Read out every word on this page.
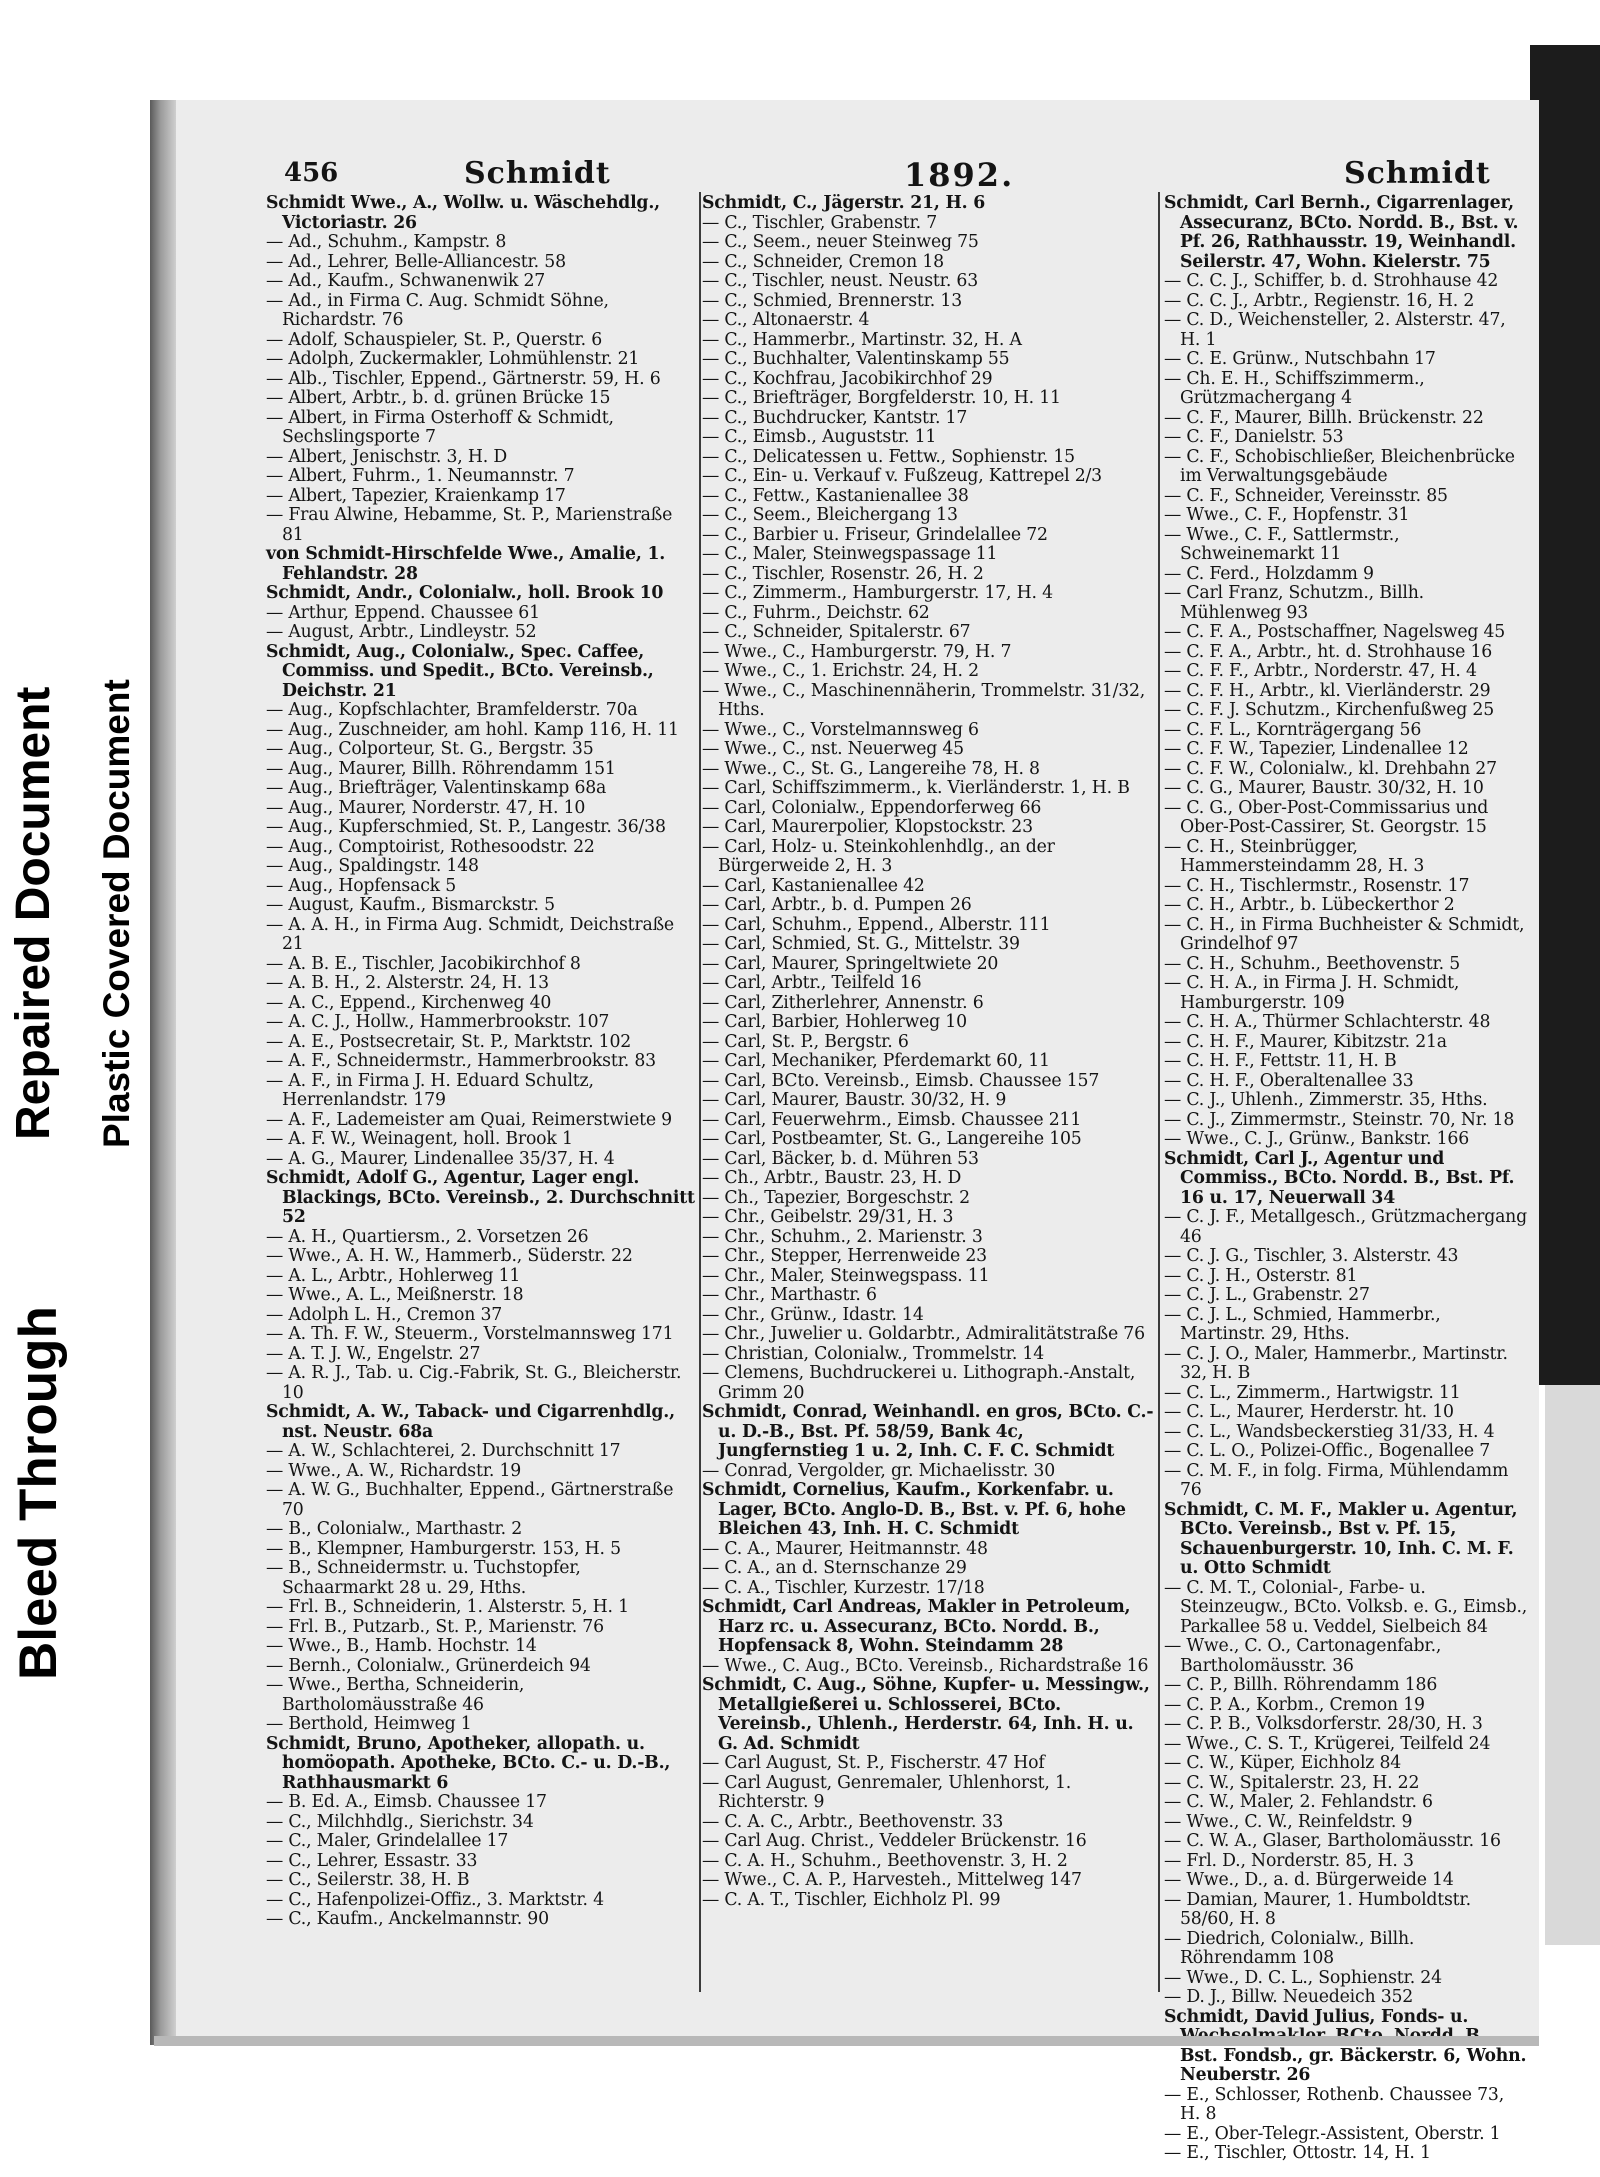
Bleed Through
Repaired Document Plastic Covered Document
456	Schmidt	1892.	Schmidt

Schmidt Wwe., A., Wollw. u. Wäschehdlg., Victoriastr. 26

— Ad., Schuhm., Kampstr. 8

— Ad., Lehrer, Belle-Alliancestr. 58

— Ad., Kaufm., Schwanenwik 27

— Ad., in Firma C. Aug. Schmidt Söhne, Richardstr. 76

— Adolf, Schauspieler, St. P., Querstr. 6

— Adolph, Zuckermakler, Lohmühlenstr. 21

— Alb., Tischler, Eppend., Gärtnerstr. 59, H. 6

— Albert, Arbtr., b. d. grünen Brücke 15

— Albert, in Firma Osterhoff & Schmidt, Sechslingsporte 7

— Albert, Jenischstr. 3, H. D

— Albert, Fuhrm., 1. Neumannstr. 7

— Albert, Tapezier, Kraienkamp 17

— Frau Alwine, Hebamme, St. P., Marienstraße 81

von Schmidt-Hirschfelde Wwe., Amalie, 1. Fehlandstr. 28

Schmidt, Andr., Colonialw., holl. Brook 10

— Arthur, Eppend. Chaussee 61

— August, Arbtr., Lindleystr. 52

Schmidt, Aug., Colonialw., Spec. Caffee, Commiss. und Spedit., BCto. Vereinsb., Deichstr. 21

— Aug., Kopfschlachter, Bramfelderstr. 70a

— Aug., Zuschneider, am hohl. Kamp 116, H. 11

— Aug., Colporteur, St. G., Bergstr. 35

— Aug., Maurer, Billh. Röhrendamm 151

— Aug., Briefträger, Valentinskamp 68a

— Aug., Maurer, Norderstr. 47, H. 10

— Aug., Kupferschmied, St. P., Langestr. 36/38

— Aug., Comptoirist, Rothesoodstr. 22

— Aug., Spaldingstr. 148

— Aug., Hopfensack 5

— August, Kaufm., Bismarckstr. 5

— A. A. H., in Firma Aug. Schmidt, Deichstraße 21

— A. B. E., Tischler, Jacobikirchhof 8

— A. B. H., 2. Alsterstr. 24, H. 13

— A. C., Eppend., Kirchenweg 40

— A. C. J., Hollw., Hammerbrookstr. 107

— A. E., Postsecretair, St. P., Marktstr. 102

— A. F., Schneidermstr., Hammerbrookstr. 83

— A. F., in Firma J. H. Eduard Schultz, Herrenlandstr. 179

— A. F., Lademeister am Quai, Reimerstwiete 9

— A. F. W., Weinagent, holl. Brook 1

— A. G., Maurer, Lindenallee 35/37, H. 4

Schmidt, Adolf G., Agentur, Lager engl. Blackings, BCto. Vereinsb., 2. Durchschnitt 52

— A. H., Quartiersm., 2. Vorsetzen 26

— Wwe., A. H. W., Hammerb., Süderstr. 22

— A. L., Arbtr., Hohlerweg 11

— Wwe., A. L., Meißnerstr. 18

— Adolph L. H., Cremon 37

— A. Th. F. W., Steuerm., Vorstelmannsweg 171

— A. T. J. W., Engelstr. 27

— A. R. J., Tab. u. Cig.-Fabrik, St. G., Bleicherstr. 10

Schmidt, A. W., Taback- und Cigarrenhdlg., nst. Neustr. 68a

— A. W., Schlachterei, 2. Durchschnitt 17

— Wwe., A. W., Richardstr. 19

— A. W. G., Buchhalter, Eppend., Gärtnerstraße 70

— B., Colonialw., Marthastr. 2

— B., Klempner, Hamburgerstr. 153, H. 5

— B., Schneidermstr. u. Tuchstopfer, Schaarmarkt 28 u. 29, Hths.

— Frl. B., Schneiderin, 1. Alsterstr. 5, H. 1

— Frl. B., Putzarb., St. P., Marienstr. 76

— Wwe., B., Hamb. Hochstr. 14

— Bernh., Colonialw., Grünerdeich 94

— Wwe., Bertha, Schneiderin, Bartholomäusstraße 46

— Berthold, Heimweg 1

Schmidt, Bruno, Apotheker, allopath. u. homöopath. Apotheke, BCto. C.- u. D.-B., Rathhausmarkt 6

— B. Ed. A., Eimsb. Chaussee 17

— C., Milchhdlg., Sierichstr. 34

— C., Maler, Grindelallee 17

— C., Lehrer, Essastr. 33

— C., Seilerstr. 38, H. B

— C., Hafenpolizei-Offiz., 3. Marktstr. 4

— C., Kaufm., Anckelmannstr. 90

Schmidt, C., Jägerstr. 21, H. 6

— C., Tischler, Grabenstr. 7

— C., Seem., neuer Steinweg 75

— C., Schneider, Cremon 18

— C., Tischler, neust. Neustr. 63

— C., Schmied, Brennerstr. 13

— C., Altonaerstr. 4

— C., Hammerbr., Martinstr. 32, H. A

— C., Buchhalter, Valentinskamp 55

— C., Kochfrau, Jacobikirchhof 29

— C., Briefträger, Borgfelderstr. 10, H. 11

— C., Buchdrucker, Kantstr. 17

— C., Eimsb., Auguststr. 11

— C., Delicatessen u. Fettw., Sophienstr. 15

— C., Ein- u. Verkauf v. Fußzeug, Kattrepel 2/3

— C., Fettw., Kastanienallee 38

— C., Seem., Bleichergang 13

— C., Barbier u. Friseur, Grindelallee 72

— C., Maler, Steinwegspassage 11

— C., Tischler, Rosenstr. 26, H. 2

— C., Zimmerm., Hamburgerstr. 17, H. 4

— C., Fuhrm., Deichstr. 62

— C., Schneider, Spitalerstr. 67

— Wwe., C., Hamburgerstr. 79, H. 7

— Wwe., C., 1. Erichstr. 24, H. 2

— Wwe., C., Maschinennäherin, Trommelstr. 31/32, Hths.

— Wwe., C., Vorstelmannsweg 6

— Wwe., C., nst. Neuerweg 45

— Wwe., C., St. G., Langereihe 78, H. 8

— Carl, Schiffszimmerm., k. Vierländerstr. 1, H. B

— Carl, Colonialw., Eppendorferweg 66

— Carl, Maurerpolier, Klopstockstr. 23

— Carl, Holz- u. Steinkohlenhdlg., an der Bürgerweide 2, H. 3

— Carl, Kastanienallee 42

— Carl, Arbtr., b. d. Pumpen 26

— Carl, Schuhm., Eppend., Alberstr. 111

— Carl, Schmied, St. G., Mittelstr. 39

— Carl, Maurer, Springeltwiete 20

— Carl, Arbtr., Teilfeld 16

— Carl, Zitherlehrer, Annenstr. 6

— Carl, Barbier, Hohlerweg 10

— Carl, St. P., Bergstr. 6

— Carl, Mechaniker, Pferdemarkt 60, 11

— Carl, BCto. Vereinsb., Eimsb. Chaussee 157

— Carl, Maurer, Baustr. 30/32, H. 9

— Carl, Feuerwehrm., Eimsb. Chaussee 211

— Carl, Postbeamter, St. G., Langereihe 105

— Carl, Bäcker, b. d. Mühren 53

— Ch., Arbtr., Baustr. 23, H. D

— Ch., Tapezier, Borgeschstr. 2

— Chr., Geibelstr. 29/31, H. 3

— Chr., Schuhm., 2. Marienstr. 3

— Chr., Stepper, Herrenweide 23

— Chr., Maler, Steinwegspass. 11

— Chr., Marthastr. 6

— Chr., Grünw., Idastr. 14

— Chr., Juwelier u. Goldarbtr., Admiralitätstraße 76

— Christian, Colonialw., Trommelstr. 14

— Clemens, Buchdruckerei u. Lithograph.-Anstalt, Grimm 20

Schmidt, Conrad, Weinhandl. en gros, BCto. C.- u. D.-B., Bst. Pf. 58/59, Bank 4c, Jungfernstieg 1 u. 2, Inh. C. F. C. Schmidt

— Conrad, Vergolder, gr. Michaelisstr. 30

Schmidt, Cornelius, Kaufm., Korkenfabr. u. Lager, BCto. Anglo-D. B., Bst. v. Pf. 6, hohe Bleichen 43, Inh. H. C. Schmidt

— C. A., Maurer, Heitmannstr. 48

— C. A., an d. Sternschanze 29

— C. A., Tischler, Kurzestr. 17/18

Schmidt, Carl Andreas, Makler in Petroleum, Harz rc. u. Assecuranz, BCto. Nordd. B., Hopfensack 8, Wohn. Steindamm 28

— Wwe., C. Aug., BCto. Vereinsb., Richardstraße 16

Schmidt, C. Aug., Söhne, Kupfer- u. Messingw., Metallgießerei u. Schlosserei, BCto. Vereinsb., Uhlenh., Herderstr. 64, Inh. H. u. G. Ad. Schmidt

— Carl August, St. P., Fischerstr. 47 Hof

— Carl August, Genremaler, Uhlenhorst, 1. Richterstr. 9

— C. A. C., Arbtr., Beethovenstr. 33

— Carl Aug. Christ., Veddeler Brückenstr. 16

— C. A. H., Schuhm., Beethovenstr. 3, H. 2

— Wwe., C. A. P., Harvesteh., Mittelweg 147

— C. A. T., Tischler, Eichholz Pl. 99

Schmidt, Carl Bernh., Cigarrenlager, Assecuranz, BCto. Nordd. B., Bst. v. Pf. 26, Rathhausstr. 19, Weinhandl. Seilerstr. 47, Wohn. Kielerstr. 75

— C. C. J., Schiffer, b. d. Strohhause 42

— C. C. J., Arbtr., Regienstr. 16, H. 2

— C. D., Weichensteller, 2. Alsterstr. 47, H. 1

— C. E. Grünw., Nutschbahn 17

— Ch. E. H., Schiffszimmerm., Grützmachergang 4

— C. F., Maurer, Billh. Brückenstr. 22

— C. F., Danielstr. 53

— C. F., Schobischließer, Bleichenbrücke im Verwaltungsgebäude

— C. F., Schneider, Vereinsstr. 85

— Wwe., C. F., Hopfenstr. 31

— Wwe., C. F., Sattlermstr., Schweinemarkt 11

— C. Ferd., Holzdamm 9

— Carl Franz, Schutzm., Billh. Mühlenweg 93

— C. F. A., Postschaffner, Nagelsweg 45

— C. F. A., Arbtr., ht. d. Strohhause 16

— C. F. F., Arbtr., Norderstr. 47, H. 4

— C. F. H., Arbtr., kl. Vierländerstr. 29

— C. F. J. Schutzm., Kirchenfußweg 25

— C. F. L., Kornträgergang 56

— C. F. W., Tapezier, Lindenallee 12

— C. F. W., Colonialw., kl. Drehbahn 27

— C. G., Maurer, Baustr. 30/32, H. 10

— C. G., Ober-Post-Commissarius und Ober-Post-Cassirer, St. Georgstr. 15

— C. H., Steinbrügger, Hammersteindamm 28, H. 3

— C. H., Tischlermstr., Rosenstr. 17

— C. H., Arbtr., b. Lübeckerthor 2

— C. H., in Firma Buchheister & Schmidt, Grindelhof 97

— C. H., Schuhm., Beethovenstr. 5

— C. H. A., in Firma J. H. Schmidt, Hamburgerstr. 109

— C. H. A., Thürmer Schlachterstr. 48

— C. H. F., Maurer, Kibitzstr. 21a

— C. H. F., Fettstr. 11, H. B

— C. H. F., Oberaltenallee 33

— C. J., Uhlenh., Zimmerstr. 35, Hths.

— C. J., Zimmermstr., Steinstr. 70, Nr. 18

— Wwe., C. J., Grünw., Bankstr. 166

Schmidt, Carl J., Agentur und Commiss., BCto. Nordd. B., Bst. Pf. 16 u. 17, Neuerwall 34

— C. J. F., Metallgesch., Grützmachergang 46

— C. J. G., Tischler, 3. Alsterstr. 43

— C. J. H., Osterstr. 81

— C. J. L., Grabenstr. 27

— C. J. L., Schmied, Hammerbr., Martinstr. 29, Hths.

— C. J. O., Maler, Hammerbr., Martinstr. 32, H. B

— C. L., Zimmerm., Hartwigstr. 11

— C. L., Maurer, Herderstr. ht. 10

— C. L., Wandsbeckerstieg 31/33, H. 4

— C. L. O., Polizei-Offic., Bogenallee 7

— C. M. F., in folg. Firma, Mühlendamm 76

Schmidt, C. M. F., Makler u. Agentur, BCto. Vereinsb., Bst v. Pf. 15, Schauenburgerstr. 10, Inh. C. M. F. u. Otto Schmidt

— C. M. T., Colonial-, Farbe- u. Steinzeugw., BCto. Volksb. e. G., Eimsb., Parkallee 58 u. Veddel, Sielbeich 84

— Wwe., C. O., Cartonagenfabr., Bartholomäusstr. 36

— C. P., Billh. Röhrendamm 186

— C. P. A., Korbm., Cremon 19

— C. P. B., Volksdorferstr. 28/30, H. 3

— Wwe., C. S. T., Krügerei, Teilfeld 24

— C. W., Küper, Eichholz 84

— C. W., Spitalerstr. 23, H. 22

— C. W., Maler, 2. Fehlandstr. 6

— Wwe., C. W., Reinfeldstr. 9

— C. W. A., Glaser, Bartholomäusstr. 16

— Frl. D., Norderstr. 85, H. 3

— Wwe., D., a. d. Bürgerweide 14

— Damian, Maurer, 1. Humboldtstr. 58/60, H. 8

— Diedrich, Colonialw., Billh. Röhrendamm 108

— Wwe., D. C. L., Sophienstr. 24

— D. J., Billw. Neuedeich 352

Schmidt, David Julius, Fonds- u. Bst. Fondsb., gr. Bäckerstr. 6, Wohn. Neuberstr. 26

— E., Schlosser, Rothenb. Chaussee 73, H. 8

— E., Ober-Telegr.-Assistent, Oberstr. 1

— E., Tischler, Ottostr. 14, H. 1
